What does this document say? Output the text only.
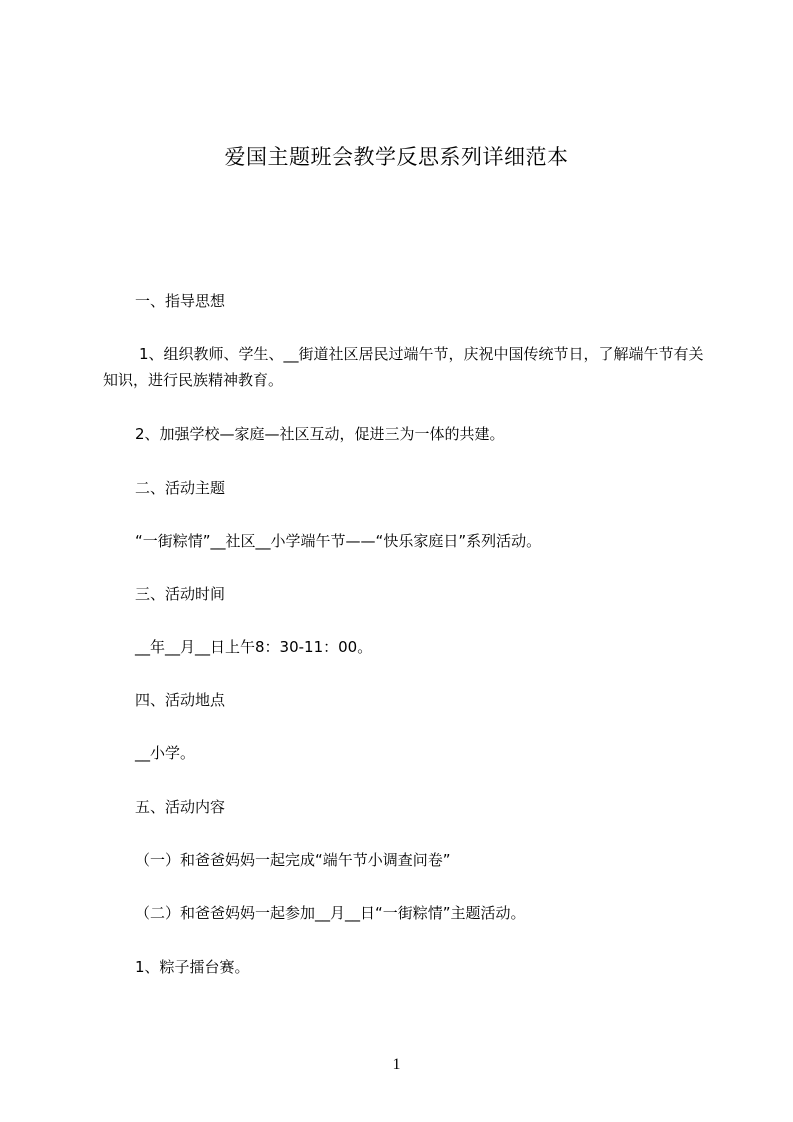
爱国主题班会教学反思系列详细范本

一、指导思想

1、组织教师、学生、__街道社区居民过端午节，庆祝中国传统节日，了解端午节有关知识，进行民族精神教育。

2、加强学校—家庭—社区互动，促进三为一体的共建。

二、活动主题

“一街粽情”__社区__小学端午节——“快乐家庭日”系列活动。

三、活动时间

__年__月__日上午8：30-11：00。

四、活动地点

__小学。

五、活动内容

（一）和爸爸妈妈一起完成“端午节小调查问卷”

（二）和爸爸妈妈一起参加__月__日“一街粽情”主题活动。

1、粽子擂台赛。

1
